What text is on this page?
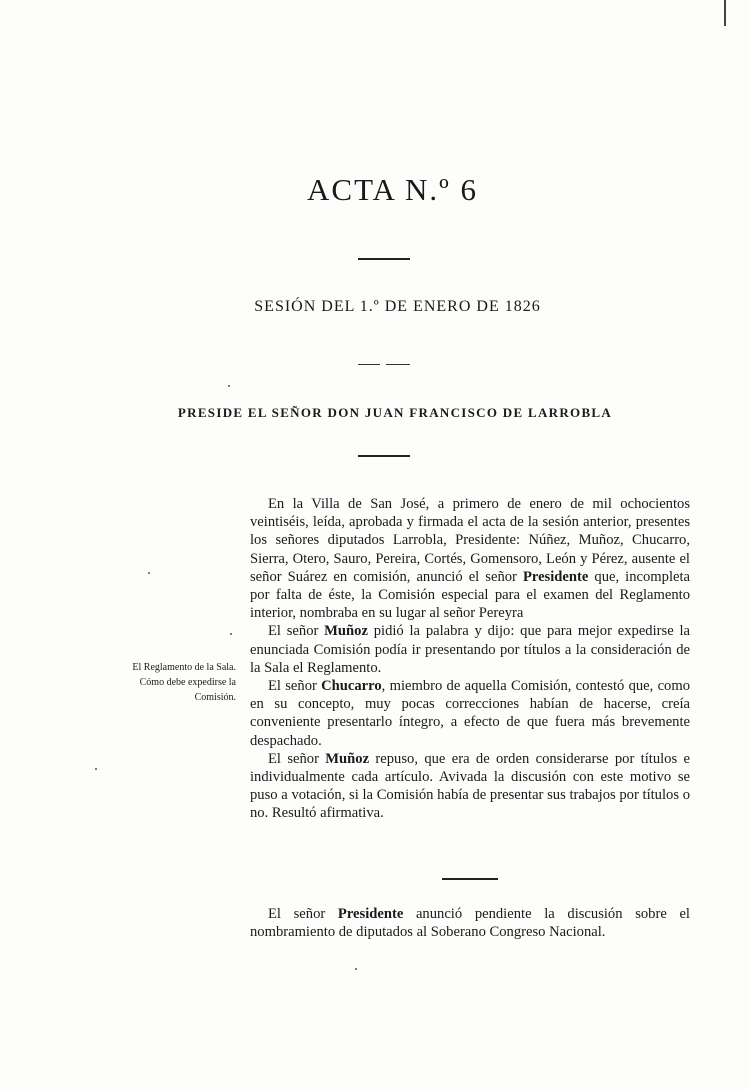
ACTA N.º 6
SESIÓN DEL 1.º DE ENERO DE 1826
PRESIDE EL SEÑOR DON JUAN FRANCISCO DE LARROBLA
El Reglamento de la Sala. Cómo debe expedirse la Comisión.

En la Villa de San José, a primero de enero de mil ochocientos veintiséis, leída, aprobada y firmada el acta de la sesión anterior, presentes los señores diputados Larrobla, Presidente: Núñez, Muñoz, Chucarro, Sierra, Otero, Sauro, Pereira, Cortés, Gomensoro, León y Pérez, ausente el señor Suárez en comisión, anunció el señor Presidente que, incompleta por falta de éste, la Comisión especial para el examen del Reglamento interior, nombraba en su lugar al señor Pereyra

El señor Muñoz pidió la palabra y dijo: que para mejor expedirse la enunciada Comisión podía ir presentando por títulos a la consideración de la Sala el Reglamento.

El señor Chucarro, miembro de aquella Comisión, contestó que, como en su concepto, muy pocas correcciones habían de hacerse, creía conveniente presentarlo íntegro, a efecto de que fuera más brevemente despachado.

El señor Muñoz repuso, que era de orden considerarse por títulos e individualmente cada artículo. Avivada la discusión con este motivo se puso a votación, si la Comisión había de presentar sus trabajos por títulos o no. Resultó afirmativa.

El señor Presidente anunció pendiente la discusión sobre el nombramiento de diputados al Soberano Congreso Nacional.
